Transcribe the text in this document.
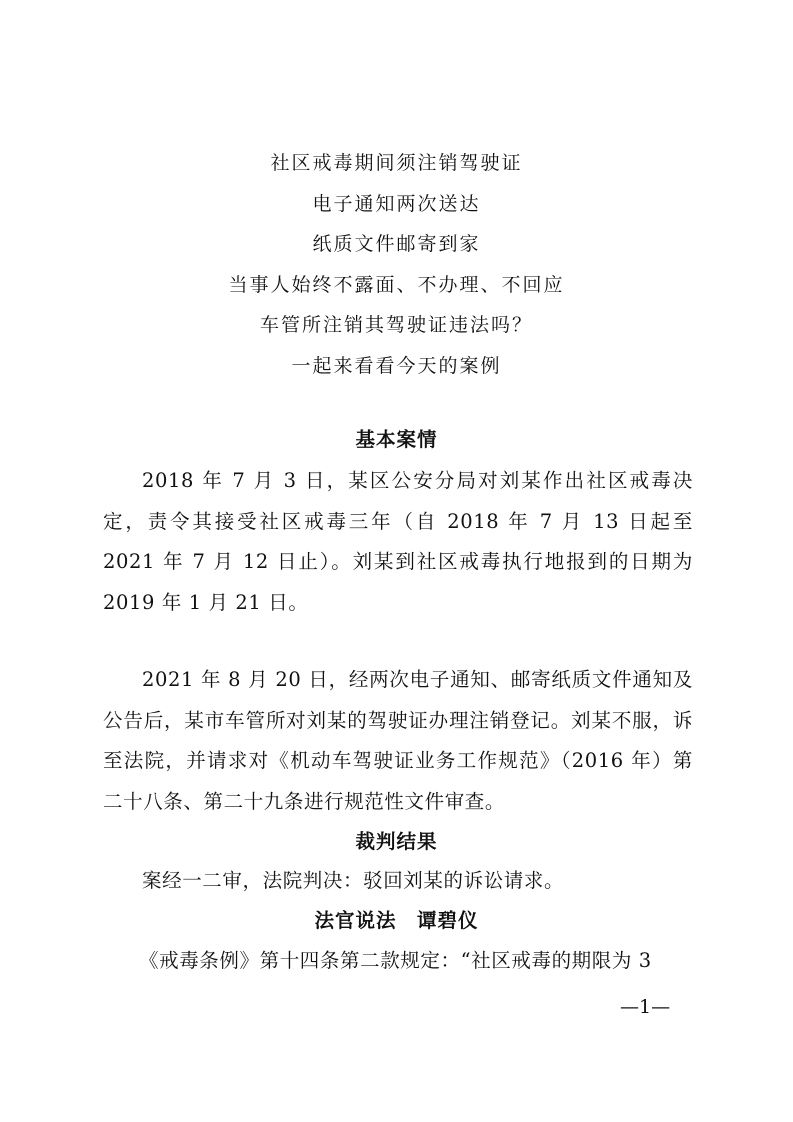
社区戒毒期间须注销驾驶证
电子通知两次送达
纸质文件邮寄到家
当事人始终不露面、不办理、不回应
车管所注销其驾驶证违法吗？
一起来看看今天的案例
基本案情

2018 年 7 月 3 日，某区公安分局对刘某作出社区戒毒决定，责令其接受社区戒毒三年（自 2018 年 7 月 13 日起至 2021 年 7 月 12 日止）。刘某到社区戒毒执行地报到的日期为 2019 年 1 月 21 日。

2021 年 8 月 20 日，经两次电子通知、邮寄纸质文件通知及公告后，某市车管所对刘某的驾驶证办理注销登记。刘某不服，诉至法院，并请求对《机动车驾驶证业务工作规范》（2016 年）第二十八条、第二十九条进行规范性文件审查。

裁判结果

案经一二审，法院判决：驳回刘某的诉讼请求。

法官说法　谭碧仪

《戒毒条例》第十四条第二款规定：“社区戒毒的期限为 3

—1—
